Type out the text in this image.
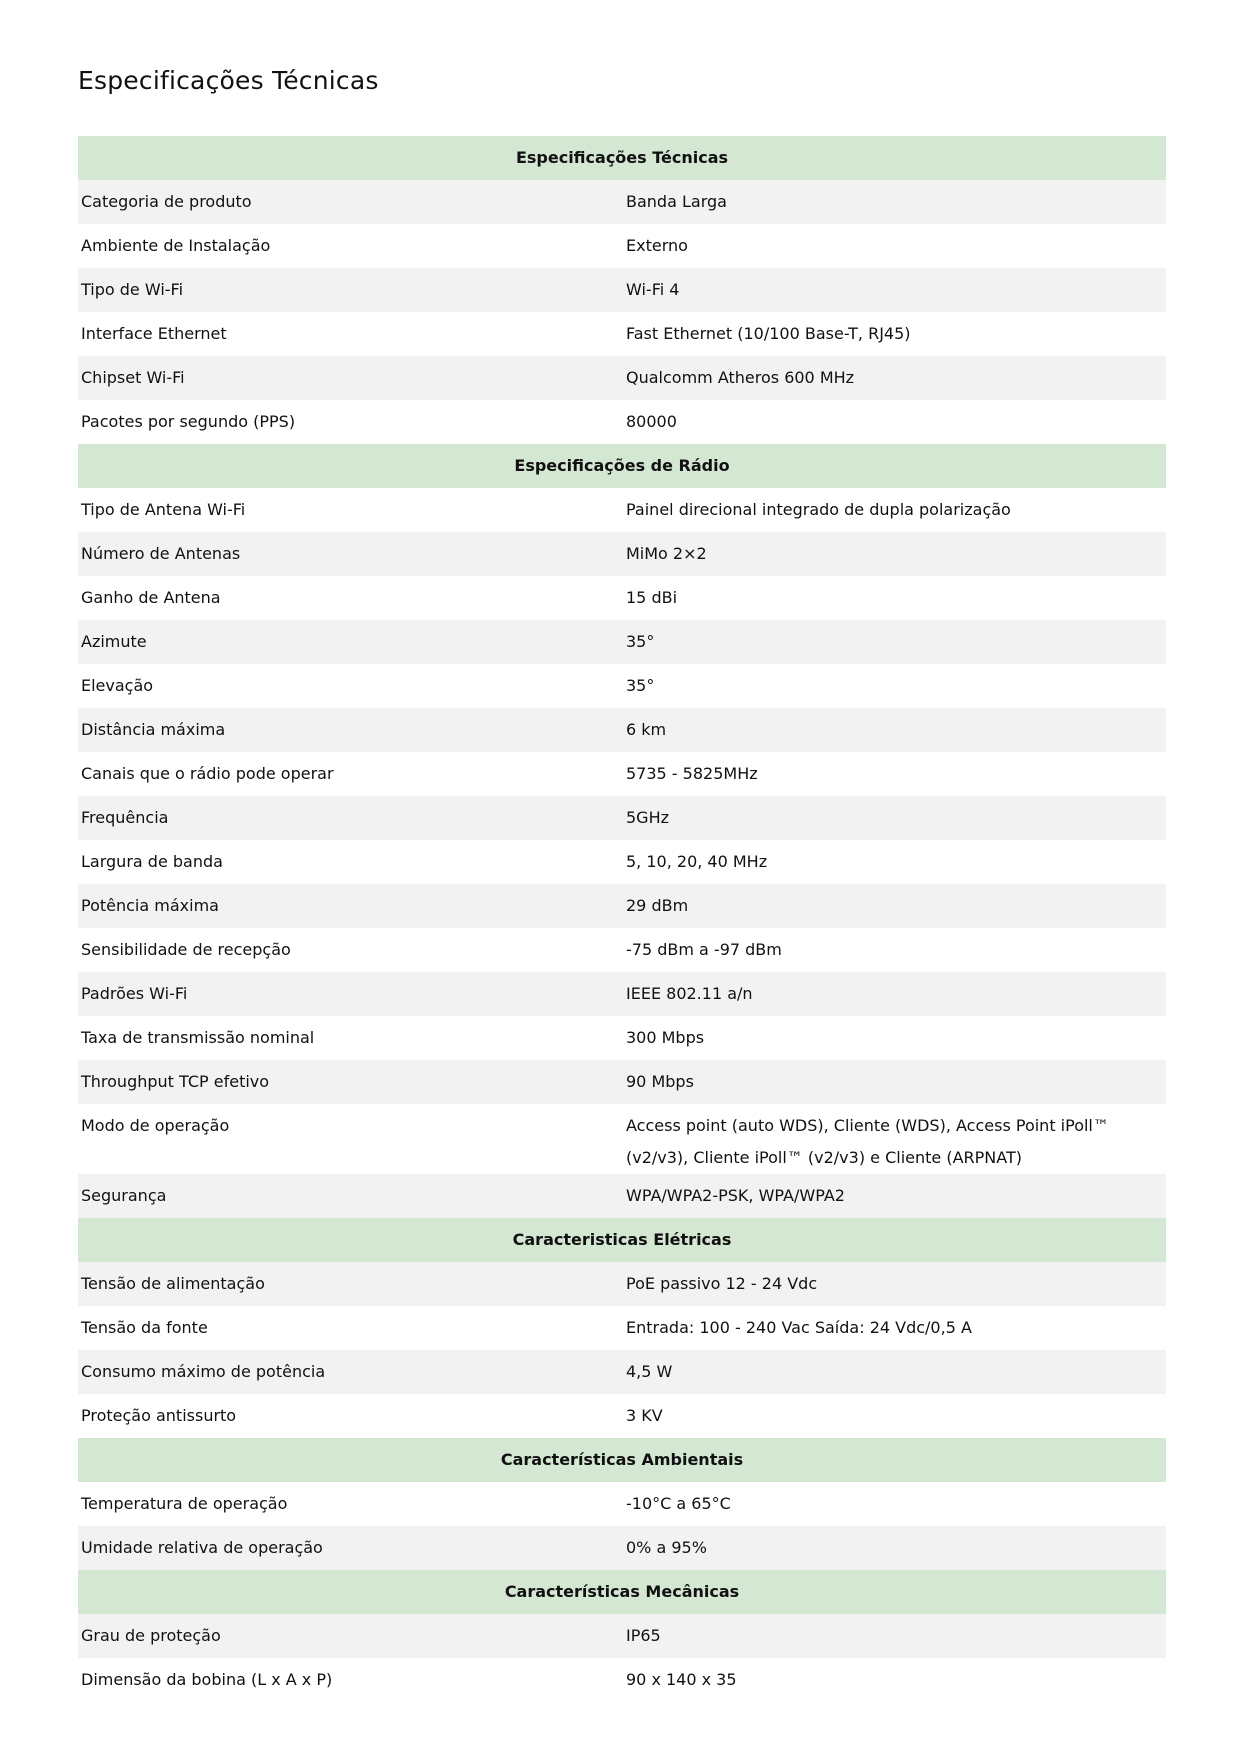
Especificações Técnicas
Especificações Técnicas	
Categoria de produto	Banda Larga
Ambiente de Instalação	Externo
Tipo de Wi-Fi	Wi-Fi 4
Interface Ethernet	Fast Ethernet (10/100 Base-T, RJ45)
Chipset Wi-Fi	Qualcomm Atheros 600 MHz
Pacotes por segundo (PPS)	80000
Especificações de Rádio	
Tipo de Antena Wi-Fi	Painel direcional integrado de dupla polarização
Número de Antenas	MiMo 2×2
Ganho de Antena	15 dBi
Azimute	35°
Elevação	35°
Distância máxima	6 km
Canais que o rádio pode operar	5735 - 5825MHz
Frequência	5GHz
Largura de banda	5, 10, 20, 40 MHz
Potência máxima	29 dBm
Sensibilidade de recepção	-75 dBm a -97 dBm
Padrões Wi-Fi	IEEE 802.11 a/n
Taxa de transmissão nominal	300 Mbps
Throughput TCP efetivo	90 Mbps
Modo de operação	Access point (auto WDS), Cliente (WDS), Access Point iPoll™ (v2/v3), Cliente iPoll™ (v2/v3) e Cliente (ARPNAT)
Segurança	WPA/WPA2-PSK, WPA/WPA2
Caracteristicas Elétricas	
Tensão de alimentação	PoE passivo 12 - 24 Vdc
Tensão da fonte	Entrada: 100 - 240 Vac Saída: 24 Vdc/0,5 A
Consumo máximo de potência	4,5 W
Proteção antissurto	3 KV
Características Ambientais	
Temperatura de operação	-10°C a 65°C
Umidade relativa de operação	0% a 95%
Características Mecânicas	
Grau de proteção	IP65
Dimensão da bobina (L x A x P)	90 x 140 x 35
